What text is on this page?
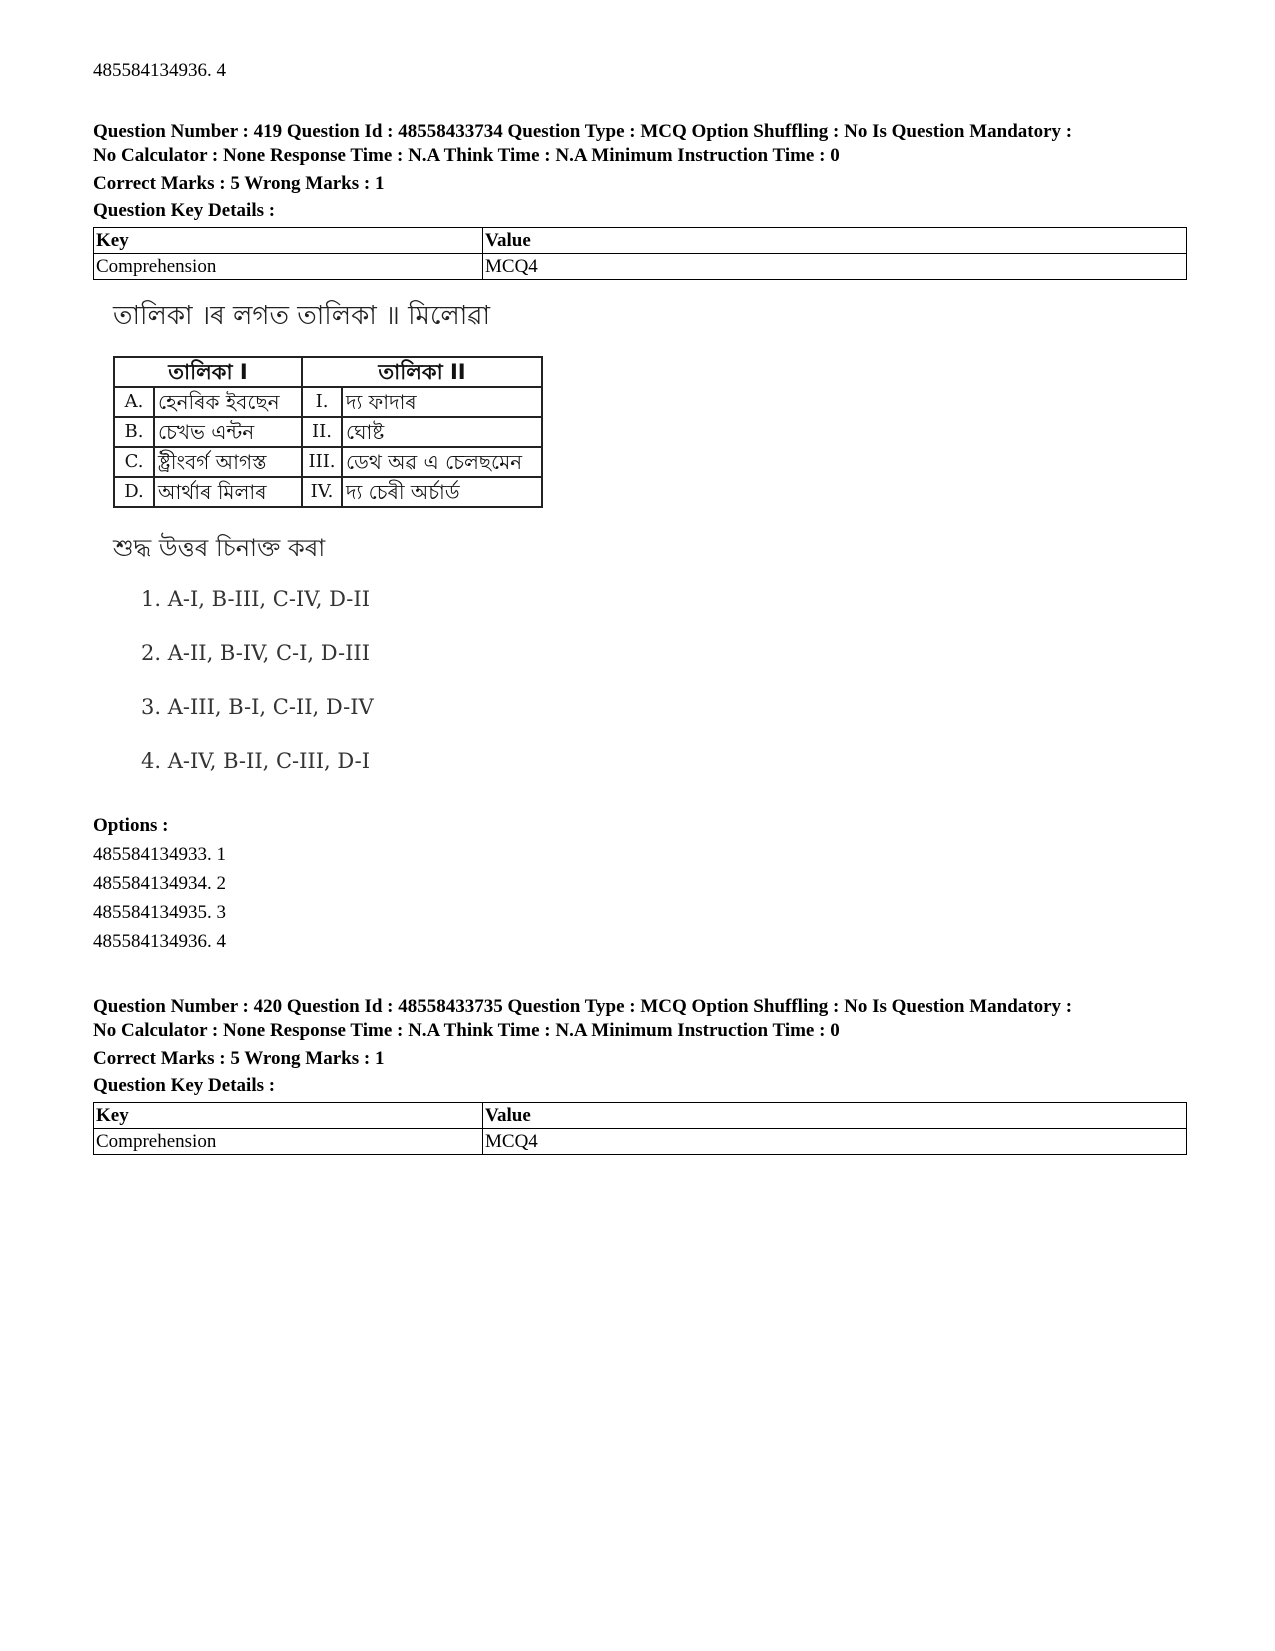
485584134936. 4
Question Number : 419 Question Id : 48558433734 Question Type : MCQ Option Shuffling : No Is Question Mandatory :
No Calculator : None Response Time : N.A Think Time : N.A Minimum Instruction Time : 0
Correct Marks : 5 Wrong Marks : 1
Question Key Details :
Key	Value
Comprehension	MCQ4
তালিকা ।ৰ লগত তালিকা ॥ মিলোৱা
তালিকা I		তালিকা II	
A.	হেনৰিক ইবছেন	I.	দ্য ফাদাৰ
B.	চেখভ এন্টন	II.	ঘোষ্ট
C.	ষ্ট্ৰীংবৰ্গ আগস্ত	III.	ডেথ অৱ এ চেলছমেন
D.	আৰ্থাৰ মিলাৰ	IV.	দ্য চেৰী অৰ্চাৰ্ড
শুদ্ধ উত্তৰ চিনাক্ত কৰা
1. A-I, B-III, C-IV, D-II
2. A-II, B-IV, C-I, D-III
3. A-III, B-I, C-II, D-IV
4. A-IV, B-II, C-III, D-I
Options :
485584134933. 1
485584134934. 2
485584134935. 3
485584134936. 4
Question Number : 420 Question Id : 48558433735 Question Type : MCQ Option Shuffling : No Is Question Mandatory :
No Calculator : None Response Time : N.A Think Time : N.A Minimum Instruction Time : 0
Correct Marks : 5 Wrong Marks : 1
Question Key Details :
Key	Value
Comprehension	MCQ4
